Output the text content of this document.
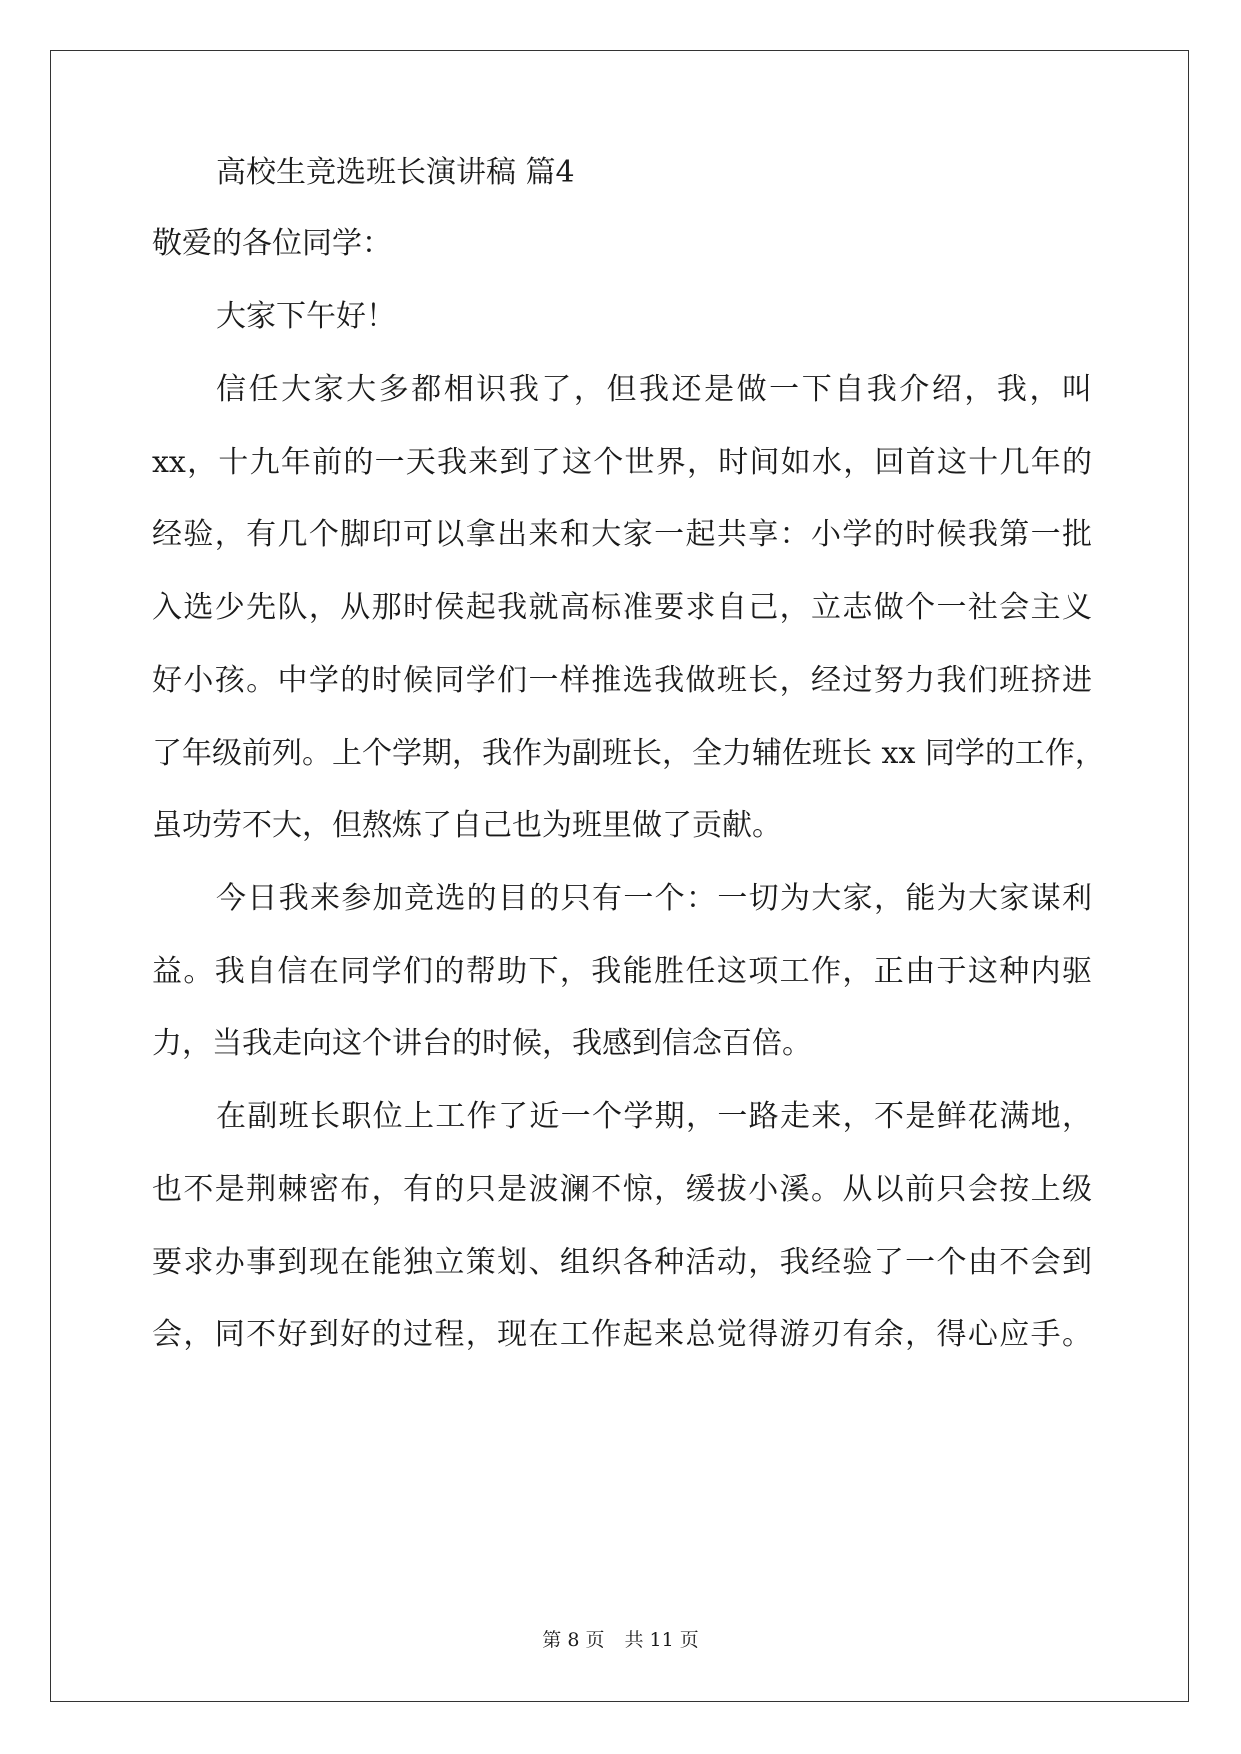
高校生竞选班长演讲稿 篇4
敬爱的各位同学：
大家下午好！
信任大家大多都相识我了，但我还是做一下自我介绍，我，叫
xx，十九年前的一天我来到了这个世界，时间如水，回首这十几年的
经验，有几个脚印可以拿出来和大家一起共享：小学的时候我第一批
入选少先队，从那时侯起我就高标准要求自己，立志做个一社会主义
好小孩。中学的时候同学们一样推选我做班长，经过努力我们班挤进
了年级前列。上个学期，我作为副班长，全力辅佐班长 xx 同学的工作，
虽功劳不大，但熬炼了自己也为班里做了贡献。
今日我来参加竞选的目的只有一个：一切为大家，能为大家谋利
益。我自信在同学们的帮助下，我能胜任这项工作，正由于这种内驱
力，当我走向这个讲台的时候，我感到信念百倍。
在副班长职位上工作了近一个学期，一路走来，不是鲜花满地，
也不是荆棘密布，有的只是波澜不惊，缓拔小溪。从以前只会按上级
要求办事到现在能独立策划、组织各种活动，我经验了一个由不会到
会，同不好到好的过程，现在工作起来总觉得游刃有余，得心应手。
第 8 页 共 11 页
